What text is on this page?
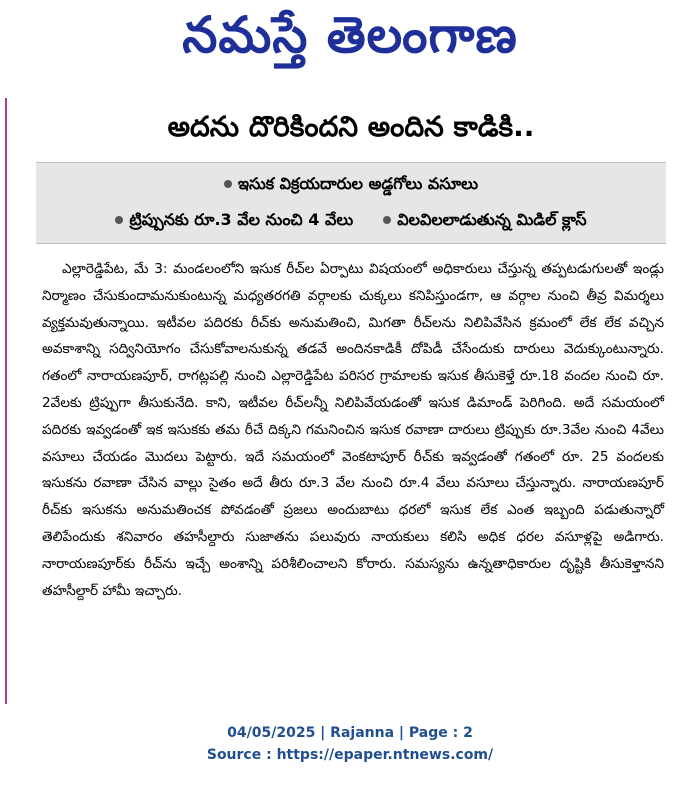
నమస్తే తెలంగాణ
అదను దొరికిందని అందిన కాడికి..
ఇసుక విక్రయదారుల అడ్డగోలు వసూలు
ట్రిప్పునకు రూ.3 వేల నుంచి 4 వేలు	విలవిలలాడుతున్న మిడిల్ క్లాస్
ఎల్లారెడ్డిపేట, మే 3: మండలంలోని ఇసుక రీచ్‌ల ఏర్పాటు విషయంలో అధికారులు చేస్తున్న తప్పటడుగులతో ఇండ్లు నిర్మాణం చేసుకుందామనుకుంటున్న మధ్యతరగతి వర్గాలకు చుక్కలు కనిపిస్తుండగా, ఆ వర్గాల నుంచి తీవ్ర విమర్శలు వ్యక్తమవుతున్నాయి. ఇటీవల పదిరకు రీచ్‌కు అనుమతించి, మిగతా రీచ్‌లను నిలిపివేసిన క్రమంలో లేక లేక వచ్చిన అవకాశాన్ని సద్వినియోగం చేసుకోవాలనుకున్న తడవే అందినకాడికీ దోపిడీ చేసేందుకు దారులు వెదుక్కుంటున్నారు. గతంలో నారాయణపూర్, రాగట్లపల్లి నుంచి ఎల్లారెడ్డిపేట పరిసర గ్రామాలకు ఇసుక తీసుకెళ్తే రూ.18 వందల నుంచి రూ. 2వేలకు ట్రిప్పుగా తీసుకునేది. కాని, ఇటీవల రీచ్‌లన్నీ నిలిపివేయడంతో ఇసుక డిమాండ్ పెరిగింది. అదే సమయంలో పదిరకు ఇవ్వడంతో ఇక ఇసుకకు తమ రీచే దిక్కని గమనించిన ఇసుక రవాణా దారులు ట్రిప్పుకు రూ.3వేల నుంచి 4వేలు వసూలు చేయడం మొదలు పెట్టారు. ఇదే సమయంలో వెంకటాపూర్ రీచ్‌కు ఇవ్వడంతో గతంలో రూ. 25 వందలకు ఇసుకను రవాణా చేసిన వాల్లు సైతం అదే తీరు రూ.3 వేల నుంచి రూ.4 వేలు వసూలు చేస్తున్నారు. నారాయణపూర్ రీచ్‌కు ఇసుకను అనుమతించక పోవడంతో ప్రజలు అందుబాటు ధరలో ఇసుక లేక ఎంత ఇబ్బంది పడుతున్నారో తెలిపేందుకు శనివారం తహసీల్దారు సుజాతను పలువురు నాయకులు కలిసి అధిక ధరల వసూళ్లపై అడిగారు. నారాయణపూర్‌కు రీచ్‌ను ఇచ్చే అంశాన్ని పరిశీలించాలని కోరారు. సమస్యను ఉన్నతాధికారుల దృష్టికి తీసుకెళ్తానని తహసీల్దార్ హామీ ఇచ్చారు.
04/05/2025 | Rajanna | Page : 2
Source : https://epaper.ntnews.com/
